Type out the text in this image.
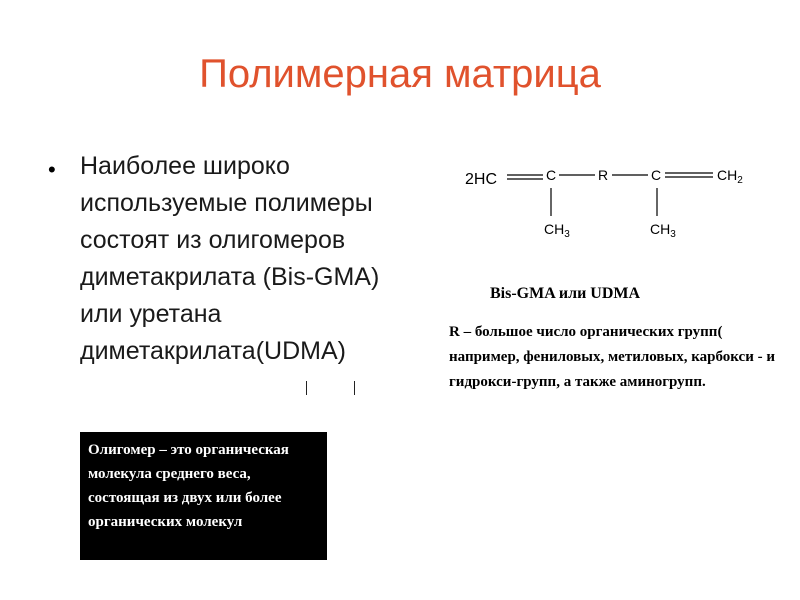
Полимерная матрица
• Наиболее широко используемые полимеры состоят из олигомеров диметакрилата (Bis-GMA) или уретана диметакрилата(UDMA)
2HC	C	R	C	$CH_2$
$CH_3$	$CH_3$
Bis-GMA или UDMA
R – большое число органических групп( например, фениловых, метиловых, карбокси - и гидрокси-групп, а также аминогрупп.
Олигомер – это органическая молекула среднего веса, состоящая из двух или более органических молекул
